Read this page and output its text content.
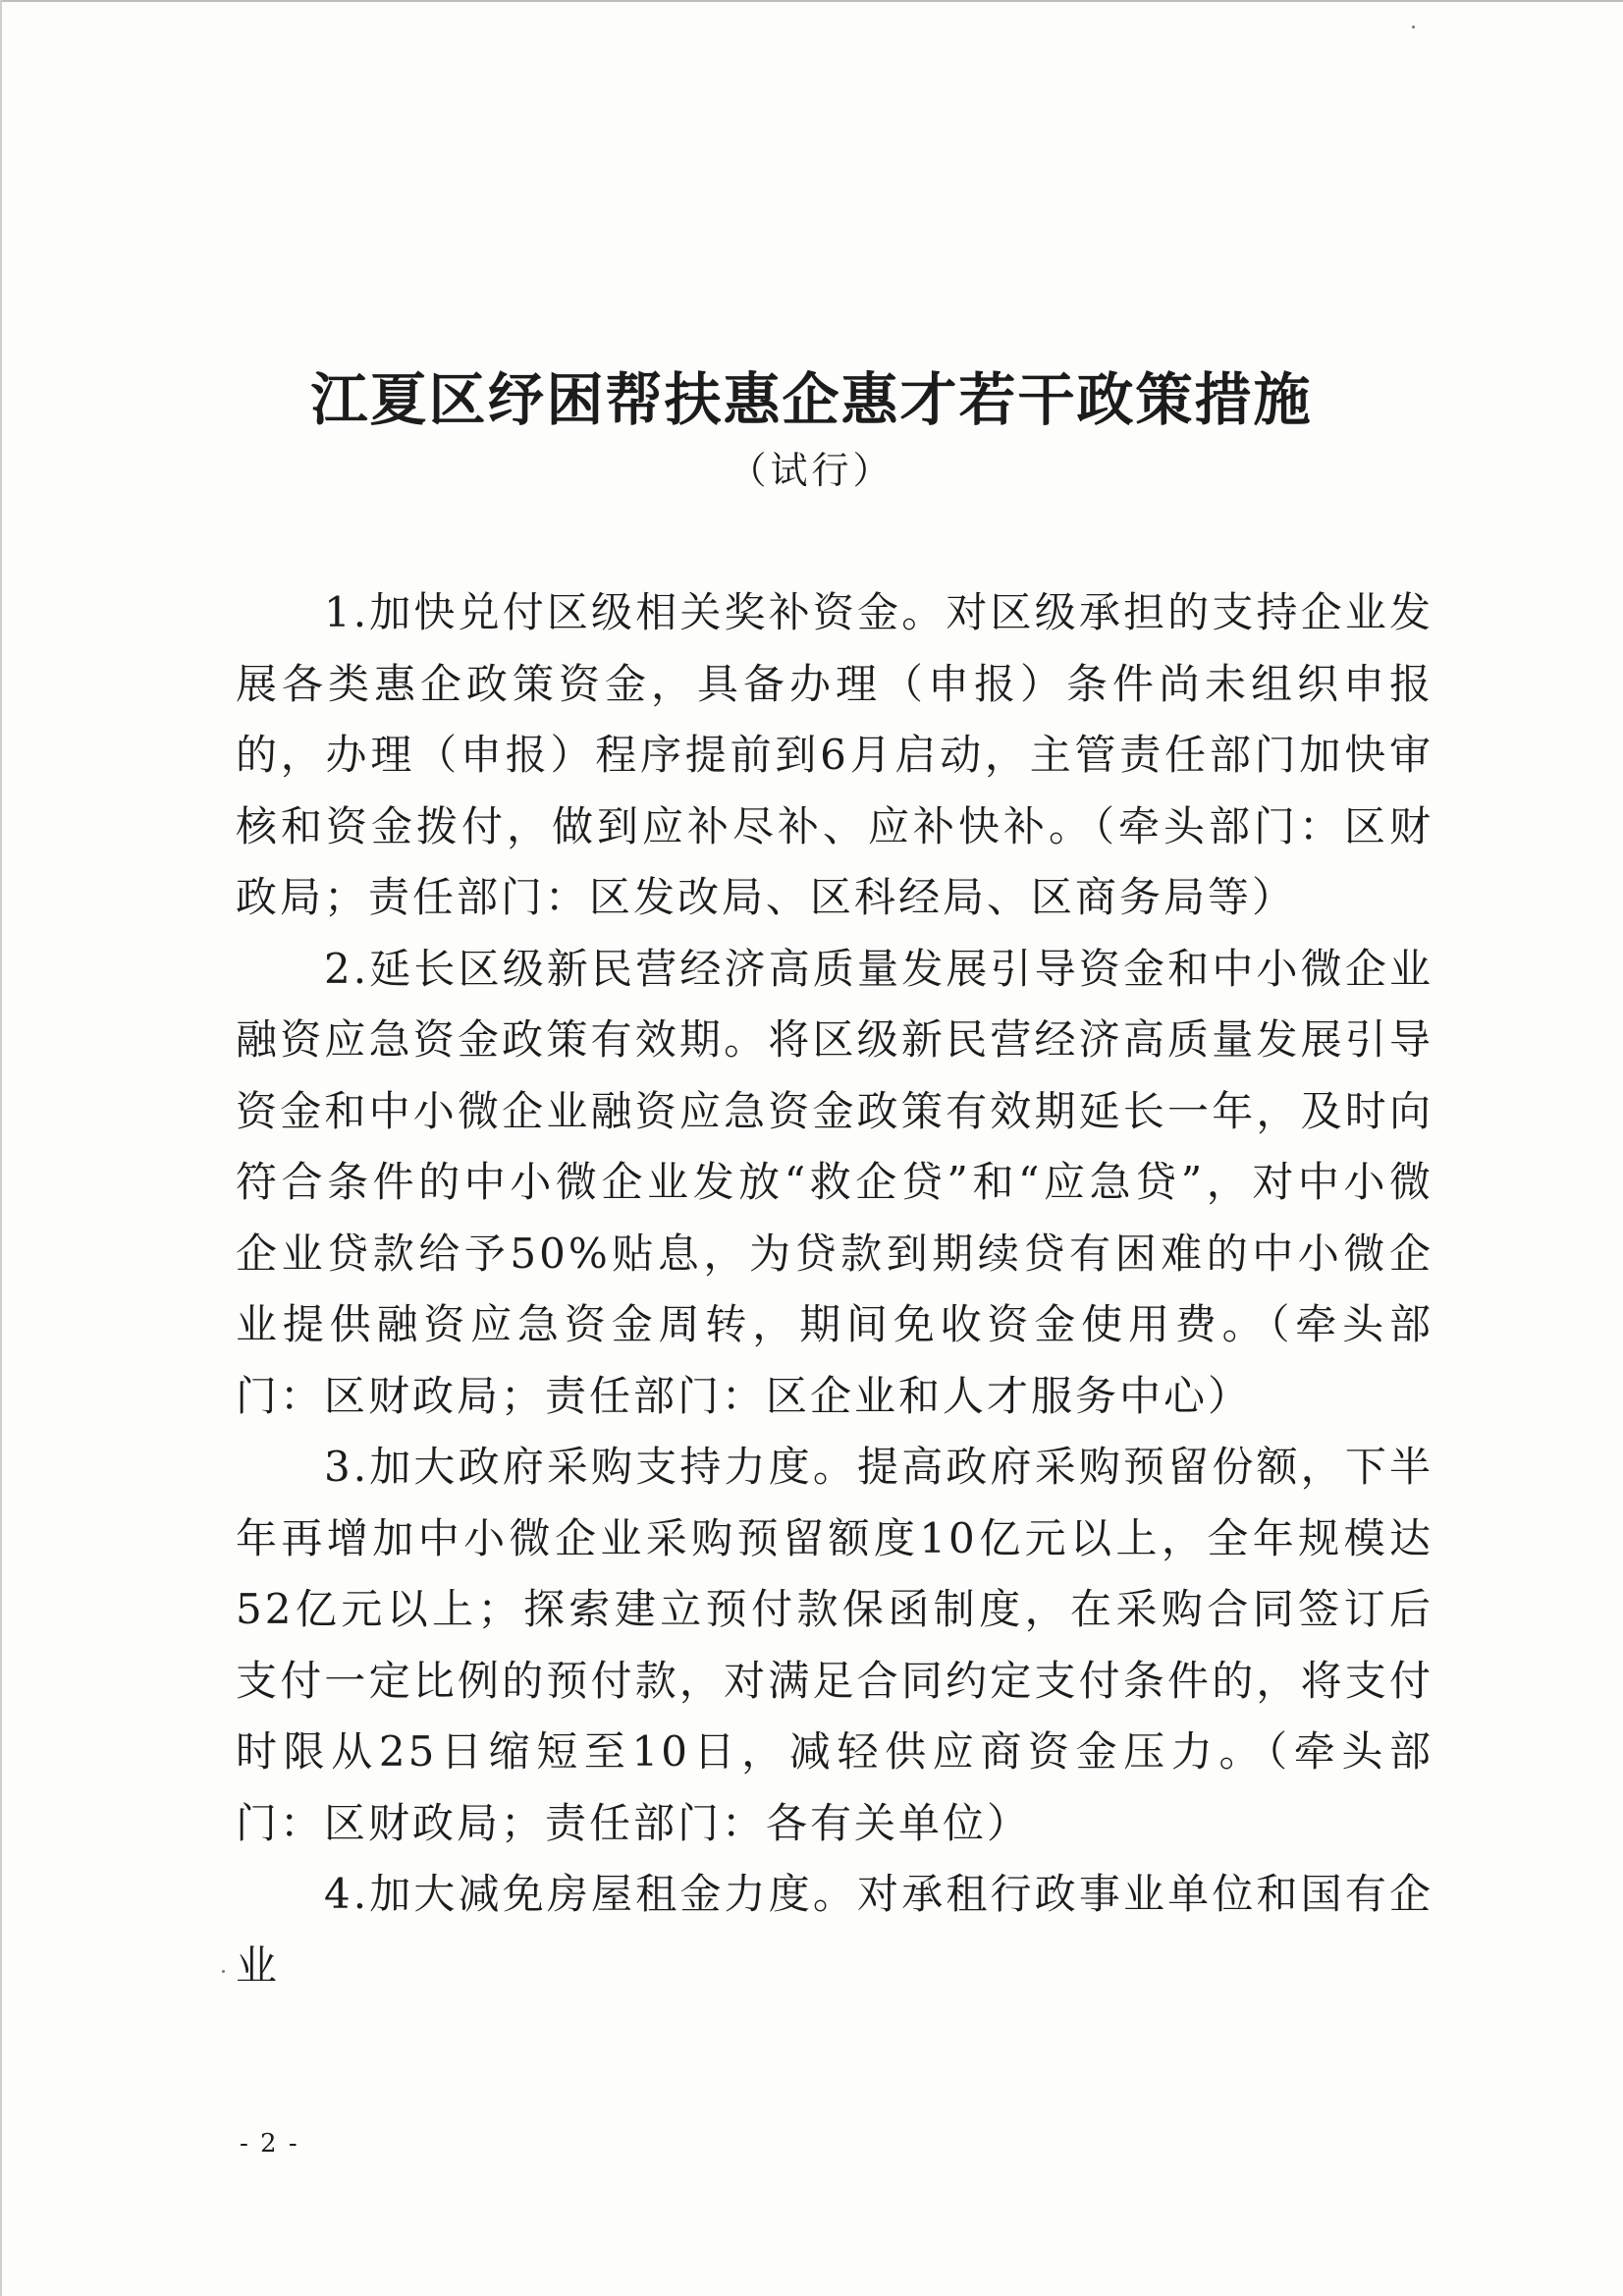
江夏区纾困帮扶惠企惠才若干政策措施
（试行）

1.加快兑付区级相关奖补资金。对区级承担的支持企业发展各类惠企政策资金，具备办理（申报）条件尚未组织申报的，办理（申报）程序提前到6月启动，主管责任部门加快审核和资金拨付，做到应补尽补、应补快补。（牵头部门：区财政局；责任部门：区发改局、区科经局、区商务局等）

2.延长区级新民营经济高质量发展引导资金和中小微企业融资应急资金政策有效期。将区级新民营经济高质量发展引导资金和中小微企业融资应急资金政策有效期延长一年，及时向符合条件的中小微企业发放“救企贷”和“应急贷”，对中小微企业贷款给予50%贴息，为贷款到期续贷有困难的中小微企业提供融资应急资金周转，期间免收资金使用费。（牵头部门：区财政局；责任部门：区企业和人才服务中心）

3.加大政府采购支持力度。提高政府采购预留份额，下半年再增加中小微企业采购预留额度10亿元以上，全年规模达52亿元以上；探索建立预付款保函制度，在采购合同签订后支付一定比例的预付款，对满足合同约定支付条件的，将支付时限从25日缩短至10日，减轻供应商资金压力。（牵头部门：区财政局；责任部门：各有关单位）

4.加大减免房屋租金力度。对承租行政事业单位和国有企业

- 2 -
